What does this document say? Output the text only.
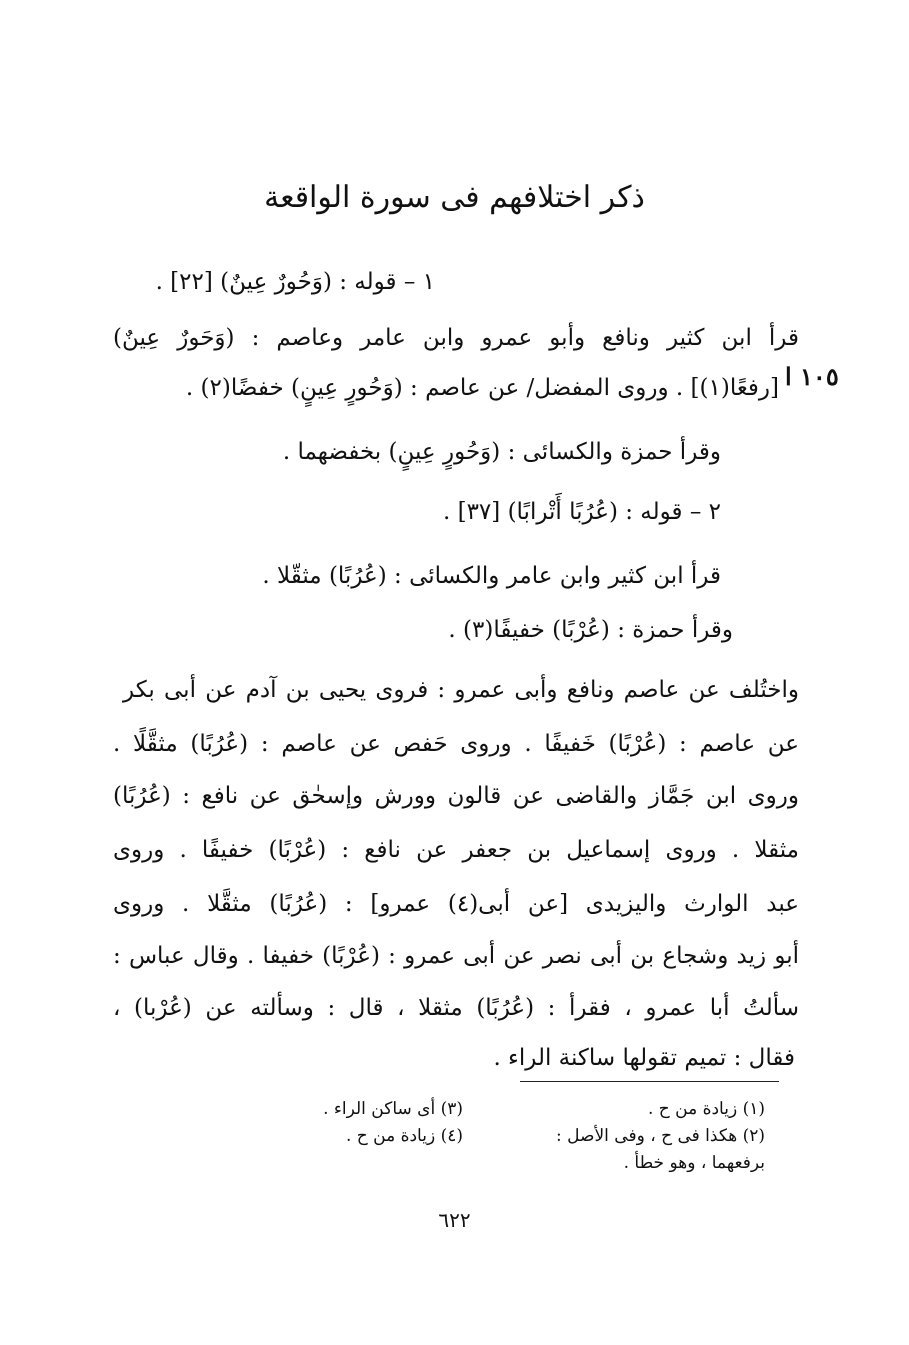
ذكر اختلافهم فى سورة الواقعة
١ – قوله : (وَحُورٌ عِينٌ) [٢٢] .
قرأ ابن كثير ونافع وأبو عمرو وابن عامر وعاصم : (وَحَورٌ عِينٌ)
١٠٥ ا
[رفعًا(١)] . وروى المفضل/ عن عاصم : (وَحُورٍ عِينٍ) خفضًا(٢) .
وقرأ حمزة والكسائى : (وَحُورٍ عِينٍ) بخفضهما .
٢ – قوله : (عُرُبًا أَتْرابًا) [٣٧] .
قرأ ابن كثير وابن عامر والكسائى : (عُرُبًا) مثقّلا .
وقرأ حمزة : (عُرْبًا) خفيفًا(٣) .
واختُلف عن عاصم ونافع وأبى عمرو : فروى يحيى بن آدم عن أبى بكر
عن عاصم : (عُرْبًا) خَفيفًا . وروى حَفص عن عاصم : (عُرُبًا) مثقَّلًا .
وروى ابن جَمَّاز والقاضى عن قالون وورش وإسحٰق عن نافع : (عُرُبًا)
مثقلا . وروى إسماعيل بن جعفر عن نافع : (عُرْبًا) خفيفًا . وروى
عبد الوارث واليزيدى [عن أبى(٤) عمرو] : (عُرُبًا) مثقَّلا . وروى
أبو زيد وشجاع بن أبى نصر عن أبى عمرو : (عُرْبًا) خفيفا . وقال عباس :
سألتُ أبا عمرو ، فقرأ : (عُرُبًا) مثقلا ، قال : وسألته عن (عُرْبا) ،
فقال : تميم تقولها ساكنة الراء .
(١) زيادة من ح .
(٢) هكذا فى ح ، وفى الأصل :
برفعهما ، وهو خطأ .
(٣) أى ساكن الراء .
(٤) زيادة من ح .
٦٢٢
